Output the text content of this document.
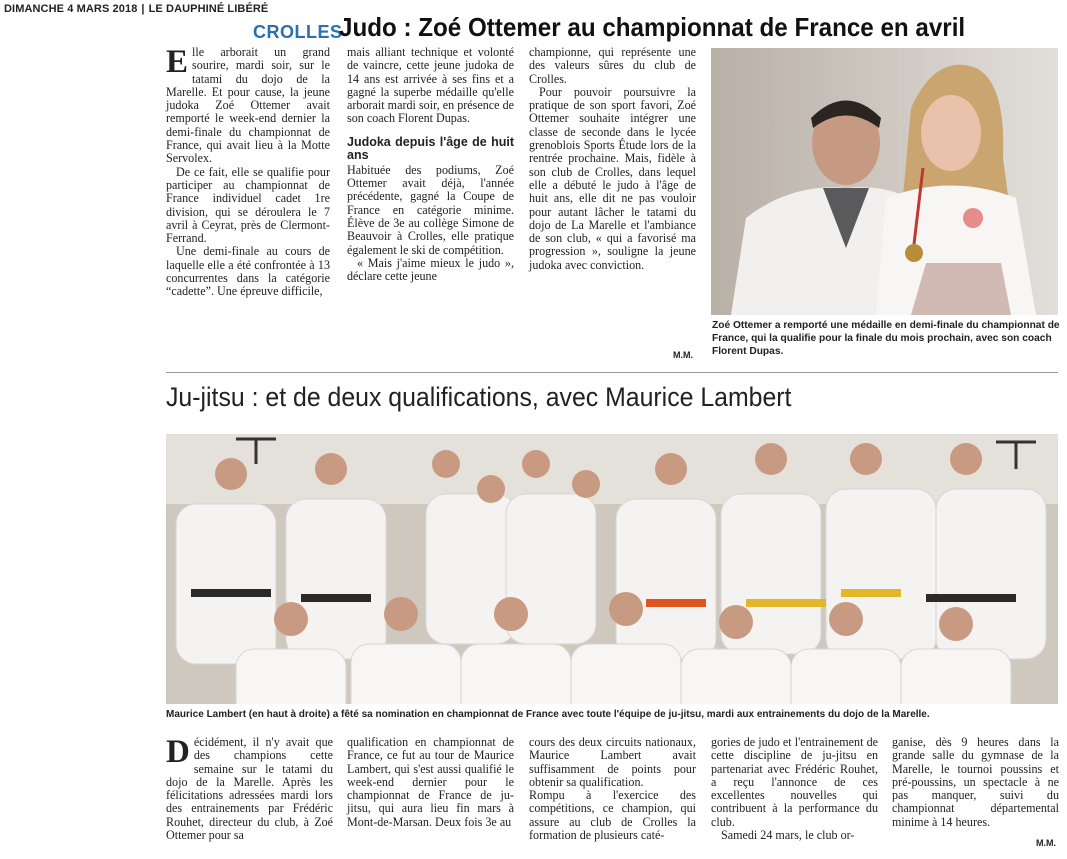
DIMANCHE 4 MARS 2018 | LE DAUPHINÉ LIBÉRÉ
CROLLES
Judo : Zoé Ottemer au championnat de France en avril
E lle arborait un grand sourire, mardi soir, sur le tatami du dojo de la Marelle. Et pour cause, la jeune judoka Zoé Ottemer avait remporté le week-end dernier la demi-finale du championnat de France, qui avait lieu à la Motte Servolex.

De ce fait, elle se qualifie pour participer au championnat de France individuel cadet 1re division, qui se déroulera le 7 avril à Ceyrat, près de Clermont-Ferrand.

Une demi-finale au cours de laquelle elle a été confrontée à 13 concurrentes dans la catégorie “cadette”. Une épreuve difficile,

mais alliant technique et volonté de vaincre, cette jeune judoka de 14 ans est arrivée à ses fins et a gagné la superbe médaille qu'elle arborait mardi soir, en présence de son coach Florent Dupas.

Judoka depuis l'âge de huit ans

Habituée des podiums, Zoé Ottemer avait déjà, l'année précédente, gagné la Coupe de France en catégorie minime. Élève de 3e au collège Simone de Beauvoir à Crolles, elle pratique également le ski de compétition.

« Mais j'aime mieux le judo », déclare cette jeune

championne, qui représente une des valeurs sûres du club de Crolles.

Pour pouvoir poursuivre la pratique de son sport favori, Zoé Ottemer souhaite intégrer une classe de seconde dans le lycée grenoblois Sports Étude lors de la rentrée prochaine. Mais, fidèle à son club de Crolles, dans lequel elle a débuté le judo à l'âge de huit ans, elle dit ne pas vouloir pour autant lâcher le tatami du dojo de La Marelle et l'ambiance de son club, « qui a favorisé ma progression », souligne la jeune judoka avec conviction.

M.M.
Zoé Ottemer a remporté une médaille en demi-finale du championnat de France, qui la qualifie pour la finale du mois prochain, avec son coach Florent Dupas.
Ju-jitsu : et de deux qualifications, avec Maurice Lambert
Maurice Lambert (en haut à droite) a fêté sa nomination en championnat de France avec toute l'équipe de ju-jitsu, mardi aux entrainements du dojo de la Marelle.
D écidément, il n'y avait que des champions cette semaine sur le tatami du dojo de la Marelle. Après les félicitations adressées mardi lors des entrainements par Frédéric Rouhet, directeur du club, à Zoé Ottemer pour sa

qualification en championnat de France, ce fut au tour de Maurice Lambert, qui s'est aussi qualifié le week-end dernier pour le championnat de France de ju-jitsu, qui aura lieu fin mars à Mont-de-Marsan. Deux fois 3e au

cours des deux circuits nationaux, Maurice Lambert avait suffisamment de points pour obtenir sa qualification.

Rompu à l'exercice des compétitions, ce champion, qui assure au club de Crolles la formation de plusieurs caté-

gories de judo et l'entrainement de cette discipline de ju-jitsu en partenariat avec Frédéric Rouhet, a reçu l'annonce de ces excellentes nouvelles qui contribuent à la performance du club.

Samedi 24 mars, le club or-

ganise, dès 9 heures dans la grande salle du gymnase de la Marelle, le tournoi poussins et pré-poussins, un spectacle à ne pas manquer, suivi du championnat départemental minime à 14 heures.

M.M.
